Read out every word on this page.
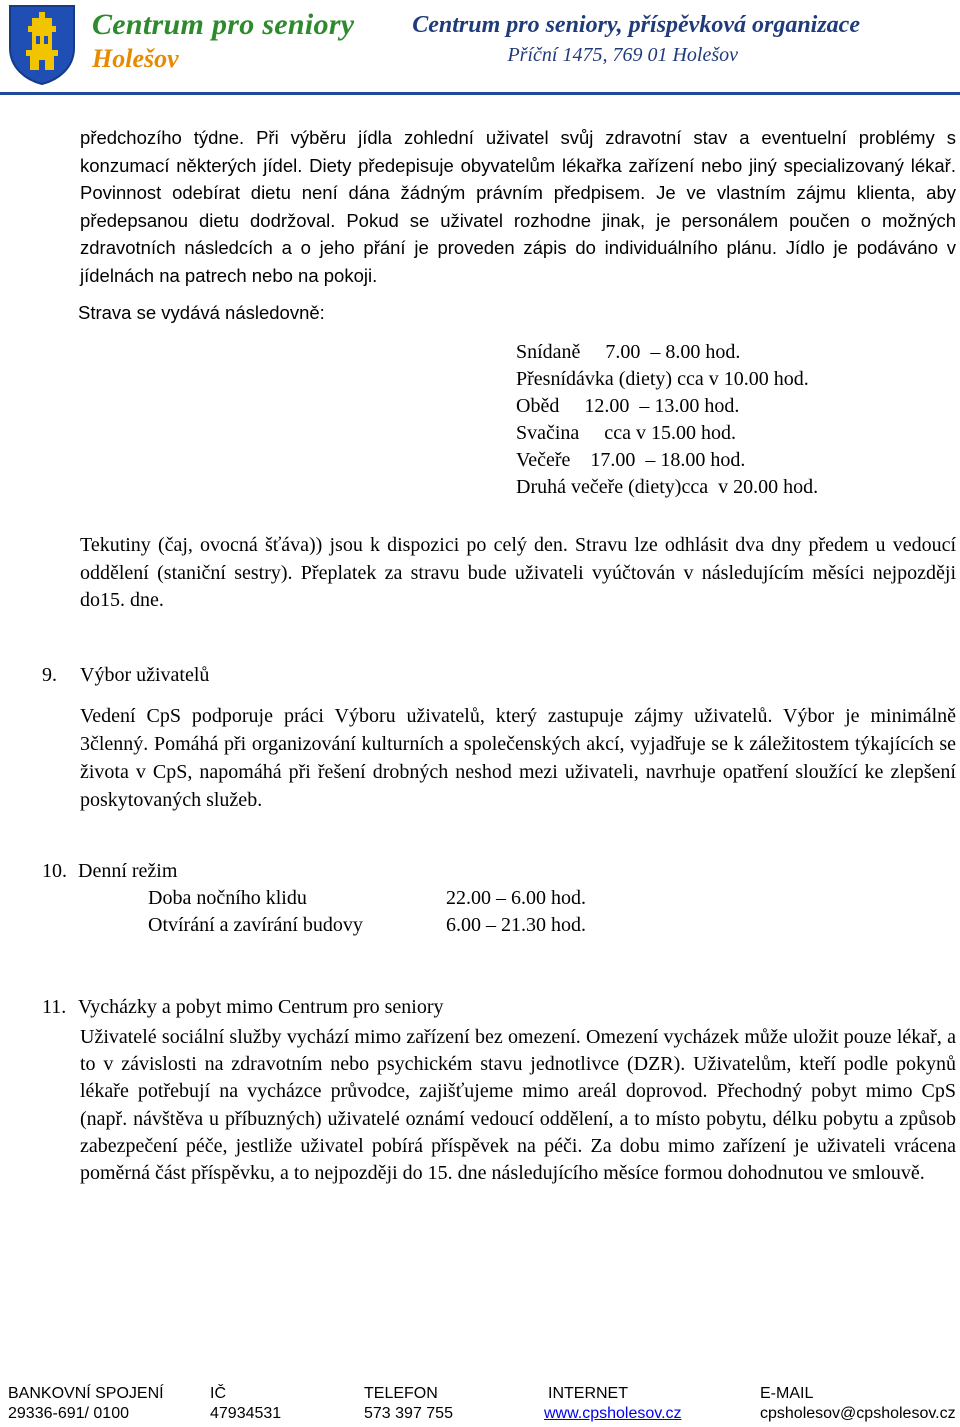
Centrum pro seniory
Holešov
Centrum pro seniory, příspěvková organizace
Příční 1475, 769 01 Holešov
předchozího týdne. Při výběru jídla zohlední uživatel svůj zdravotní stav a eventuelní problémy s konzumací některých jídel. Diety předepisuje obyvatelům lékařka zařízení nebo jiný specializovaný lékař. Povinnost odebírat dietu není dána žádným právním předpisem. Je ve vlastním zájmu klienta, aby předepsanou dietu dodržoval. Pokud se uživatel rozhodne jinak, je personálem poučen o možných zdravotních následcích a o jeho přání je proveden zápis do individuálního plánu. Jídlo je podáváno v jídelnách na patrech nebo na pokoji.
Strava se vydává následovně:
Snídaně     7.00  – 8.00 hod.
Přesnídávka (diety) cca v 10.00 hod.
Oběd     12.00  – 13.00 hod.
Svačina     cca v 15.00 hod.
Večeře    17.00  – 18.00 hod.
Druhá večeře (diety)cca  v 20.00 hod.
Tekutiny (čaj, ovocná šťáva)) jsou k dispozici po celý den. Stravu lze odhlásit dva dny předem u vedoucí oddělení (staniční sestry). Přeplatek za stravu bude uživateli vyúčtován v následujícím měsíci nejpozději do15. dne.
9. Výbor uživatelů
Vedení CpS podporuje práci Výboru uživatelů, který zastupuje zájmy uživatelů. Výbor je minimálně 3členný. Pomáhá při organizování kulturních a společenských akcí, vyjadřuje se k záležitostem týkajících se života v CpS, napomáhá při řešení drobných neshod mezi uživateli, navrhuje opatření sloužící ke zlepšení poskytovaných služeb.
10. Denní režim
Doba nočního klidu	22.00 – 6.00 hod.
Otvírání a zavírání budovy	6.00 – 21.30 hod.
11. Vycházky a pobyt mimo Centrum pro seniory
Uživatelé sociální služby vychází mimo zařízení bez omezení. Omezení vycházek může uložit pouze lékař, a to v závislosti na zdravotním nebo psychickém stavu jednotlivce (DZR). Uživatelům, kteří podle pokynů lékaře potřebují na vycházce průvodce, zajišťujeme mimo areál doprovod. Přechodný pobyt mimo CpS (např. návštěva u příbuzných) uživatelé oznámí vedoucí oddělení, a to místo pobytu, délku pobytu a způsob zabezpečení péče, jestliže uživatel pobírá příspěvek na péči. Za dobu mimo zařízení je uživateli vrácena poměrná část příspěvku, a to nejpozději do 15. dne následujícího měsíce formou dohodnutou ve smlouvě.
BANKOVNÍ SPOJENÍ
29336-691/ 0100
IČ
47934531
TELEFON
573 397 755
INTERNET
www.cpsholesov.cz
E-MAIL
cpsholesov@cpsholesov.cz
